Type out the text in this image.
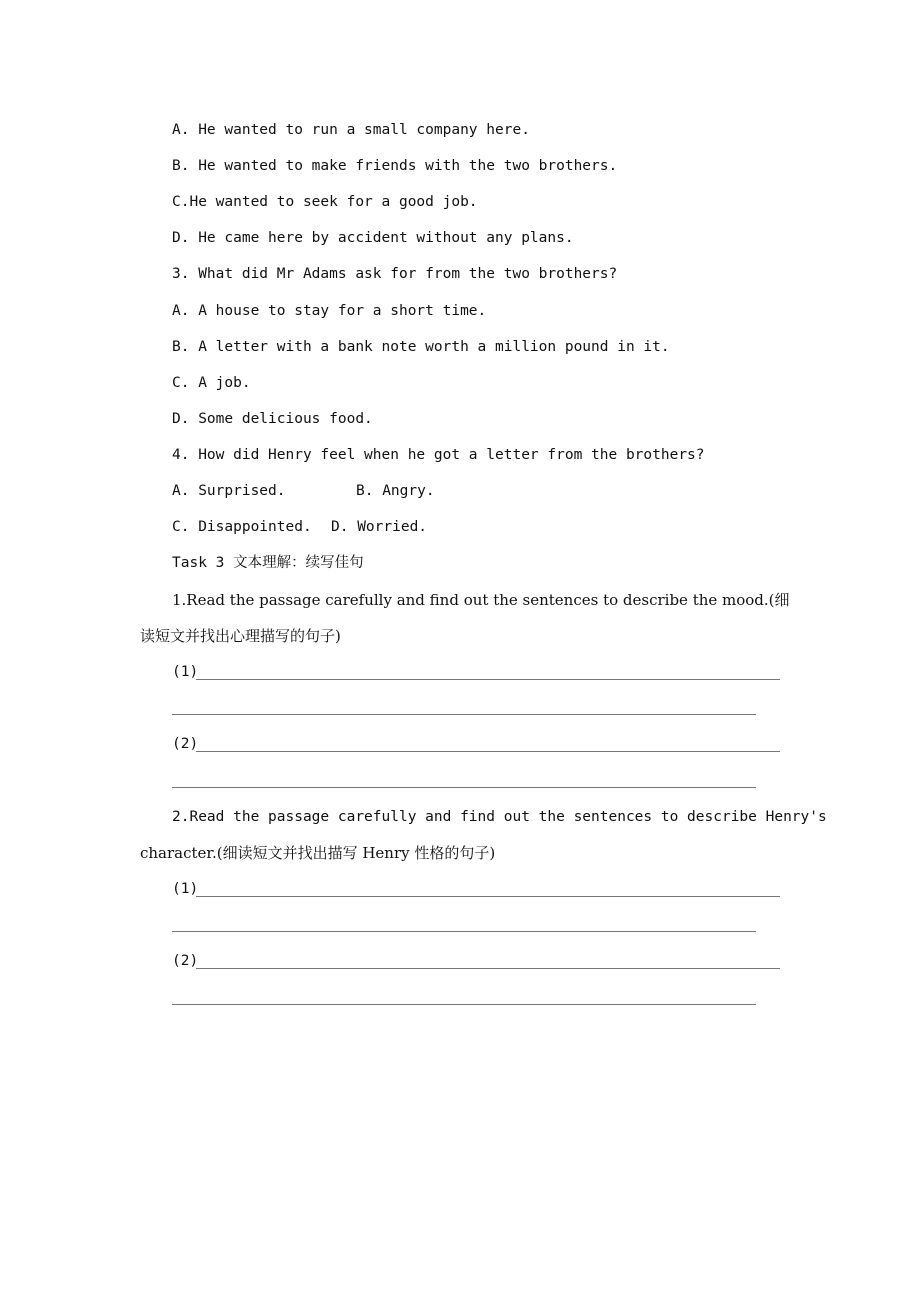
A. He wanted to run a small company here.
B. He wanted to make friends with the two brothers.
C.He wanted to seek for a good job.
D. He came here by accident without any plans.
3. What did Mr Adams ask for from the two brothers?
A. A house to stay for a short time.
B. A letter with a bank note worth a million pound in it.
C. A job.
D. Some delicious food.
4. How did Henry feel when he got a letter from the brothers?
A. Surprised.	B. Angry.
C. Disappointed. D. Worried.
Task 3 文本理解：续写佳句
1.Read the passage carefully and find out the sentences to describe the mood.(细
读短文并找出心理描写的句子)
(1)
(2)
2.Read the passage carefully and find out the sentences to describe Henry's
character.(细读短文并找出描写 Henry 性格的句子)
(1)
(2)
